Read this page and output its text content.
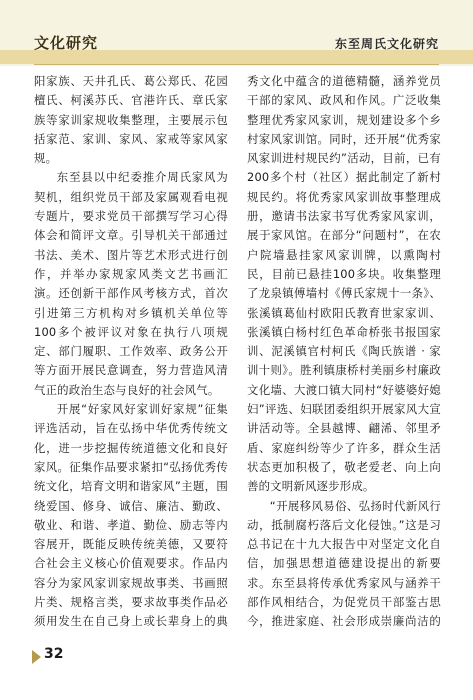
文化研究	东至周氏文化研究

阳家族、天井孔氏、葛公郑氏、花园檀氏、柯溪苏氏、官港许氏、章氏家族等家训家规收集整理，主要展示包括家范、家训、家风、家戒等家风家规。

东至县以中纪委推介周氏家风为契机，组织党员干部及家属观看电视专题片，要求党员干部撰写学习心得体会和简评文章。引导机关干部通过书法、美术、图片等艺术形式进行创作，并举办家规家风类文艺书画汇演。还创新干部作风考核方式，首次引进第三方机构对乡镇机关单位等100多个被评议对象在执行八项规定、部门履职、工作效率、政务公开等方面开展民意调查，努力营造风清气正的政治生态与良好的社会风气。

开展“好家风好家训好家规”征集评选活动，旨在弘扬中华优秀传统文化，进一步挖掘传统道德文化和良好家风。征集作品要求紧扣“弘扬优秀传统文化，培育文明和谐家风”主题，围绕爱国、修身、诚信、廉洁、勤政、敬业、和谐、孝道、勤俭、励志等内容展开，既能反映传统美德，又要符合社会主义核心价值观要求。作品内容分为家风家训家规故事类、书画照片类、规格言类，要求故事类作品必须用发生在自己身上或长辈身上的典

秀文化中蕴含的道德精髓，涵养党员干部的家风、政风和作风。广泛收集整理优秀家风家训，规划建设多个乡村家风家训馆。同时，还开展“优秀家风家训进村规民约”活动，目前，已有200多个村（社区）据此制定了新村规民约。将优秀家风家训故事整理成册，邀请书法家书写优秀家风家训，展于家风馆。在部分“问题村”，在农户院墙悬挂家风家训牌，以熏陶村民，目前已悬挂100多块。收集整理了龙泉镇傅墙村《傅氏家规十一条》、张溪镇葛仙村欧阳氏教育世家家训、张溪镇白杨村红色革命桥张书报国家训、泥溪镇官村柯氏《陶氏族谱 · 家训十则》。胜利镇康桥村美丽乡村廉政文化墙、大渡口镇大同村“好婆婆好媳妇”评选、妇联团委组织开展家风大宣讲活动等。全县越博、翩浠、邻里矛盾、家庭纠纷等少了许多，群众生活状态更加积极了，敬老爱老、向上向善的文明新风逐步形成。

“开展移风易俗、弘扬时代新风行动，抵制腐朽落后文化侵蚀。”这是习总书记在十九大报告中对坚定文化自信，加强思想道德建设提出的新要求。东至县将传承优秀家风与涵养干部作风相结合，为促党员干部鉴古思今，推进家庭、社会形成崇廉尚洁的

32
